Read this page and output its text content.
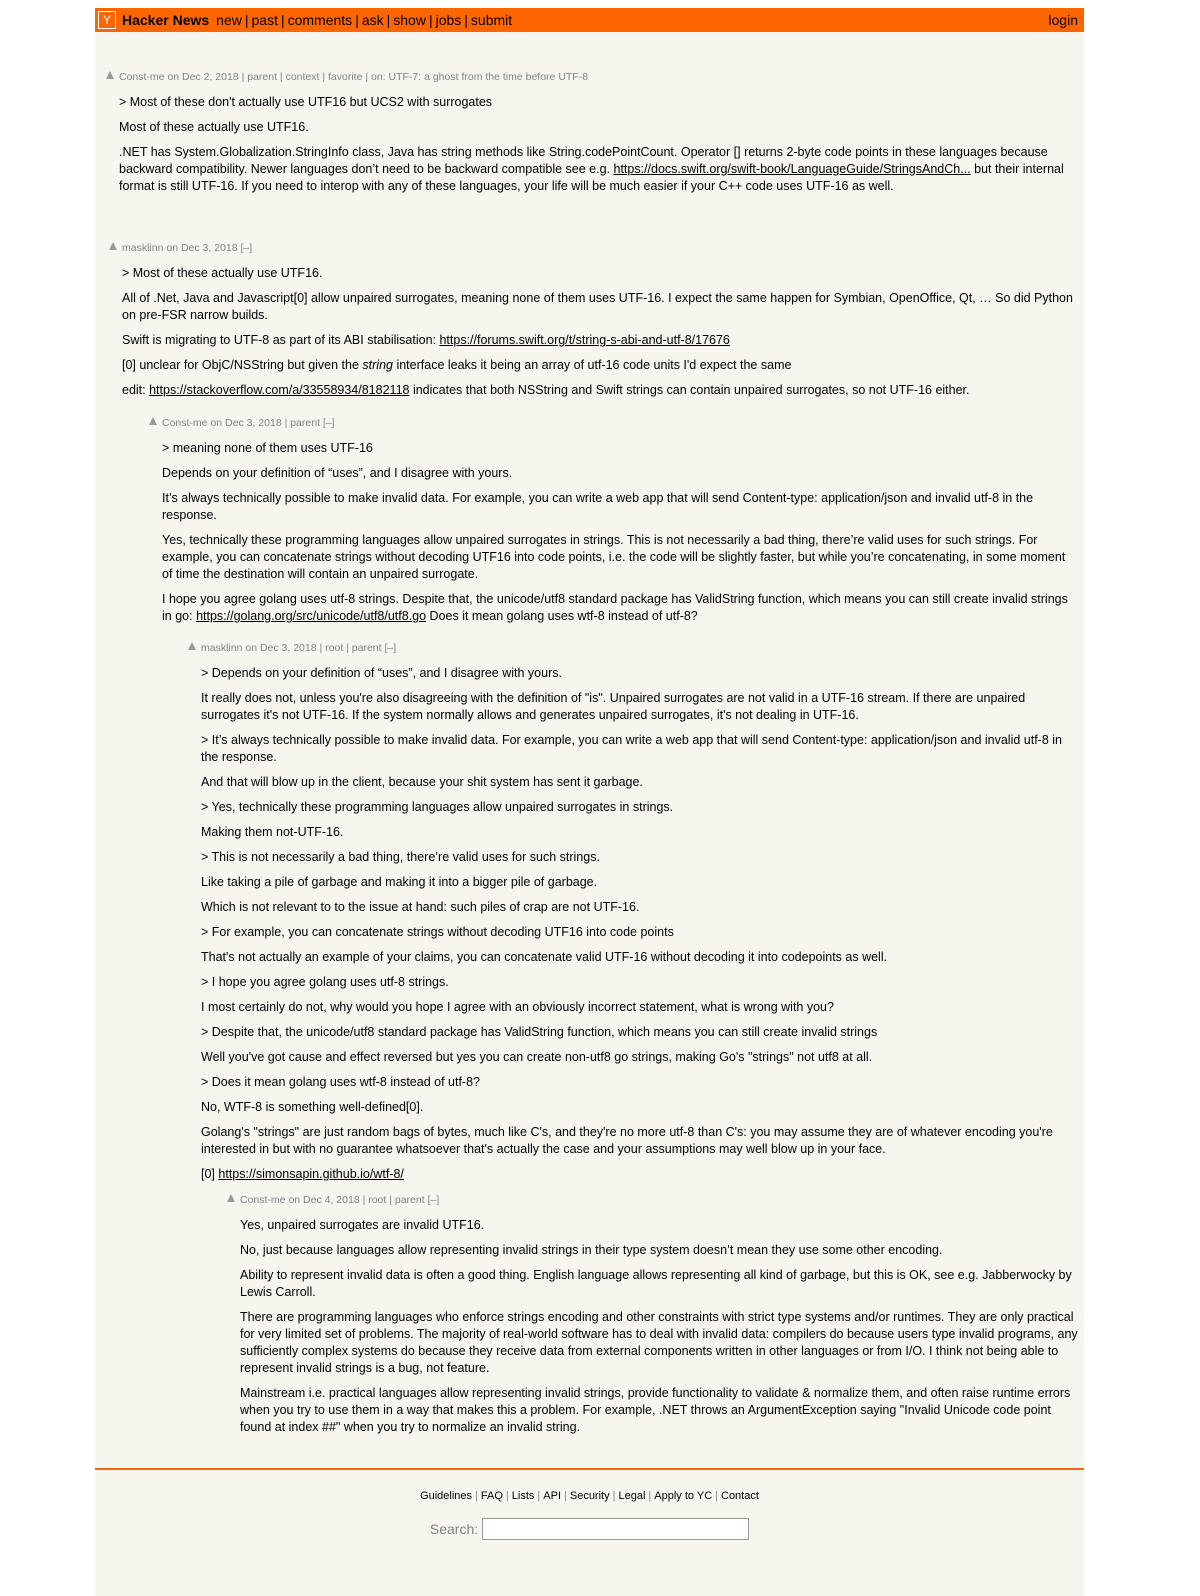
Y Hacker News new | past | comments | ask | show | jobs | submit	login
Const-me on Dec 2, 2018 | parent | context | favorite | on: UTF-7: a ghost from the time before UTF-8

> Most of these don't actually use UTF16 but UCS2 with surrogates

Most of these actually use UTF16.

.NET has System.Globalization.StringInfo class, Java has string methods like String.codePointCount. Operator [] returns 2-byte code points in these languages because backward compatibility. Newer languages don’t need to be backward compatible see e.g. https://docs.swift.org/swift-book/LanguageGuide/StringsAndCh... but their internal format is still UTF-16. If you need to interop with any of these languages, your life will be much easier if your C++ code uses UTF-16 as well.

masklinn on Dec 3, 2018 [–]

> Most of these actually use UTF16.

All of .Net, Java and Javascript[0] allow unpaired surrogates, meaning none of them uses UTF-16. I expect the same happen for Symbian, OpenOffice, Qt, … So did Python on pre-FSR narrow builds.

Swift is migrating to UTF-8 as part of its ABI stabilisation: https://forums.swift.org/t/string-s-abi-and-utf-8/17676

[0] unclear for ObjC/NSString but given the string interface leaks it being an array of utf-16 code units I'd expect the same

edit: https://stackoverflow.com/a/33558934/8182118 indicates that both NSString and Swift strings can contain unpaired surrogates, so not UTF-16 either.

Const-me on Dec 3, 2018 | parent [–]

> meaning none of them uses UTF-16

Depends on your definition of “uses”, and I disagree with yours.

It’s always technically possible to make invalid data. For example, you can write a web app that will send Content-type: application/json and invalid utf-8 in the response.

Yes, technically these programming languages allow unpaired surrogates in strings. This is not necessarily a bad thing, there’re valid uses for such strings. For example, you can concatenate strings without decoding UTF16 into code points, i.e. the code will be slightly faster, but while you’re concatenating, in some moment of time the destination will contain an unpaired surrogate.

I hope you agree golang uses utf-8 strings. Despite that, the unicode/utf8 standard package has ValidString function, which means you can still create invalid strings in go: https://golang.org/src/unicode/utf8/utf8.go Does it mean golang uses wtf-8 instead of utf-8?

masklinn on Dec 3, 2018 | root | parent [–]

> Depends on your definition of “uses”, and I disagree with yours.

It really does not, unless you're also disagreeing with the definition of "is". Unpaired surrogates are not valid in a UTF-16 stream. If there are unpaired surrogates it's not UTF-16. If the system normally allows and generates unpaired surrogates, it's not dealing in UTF-16.

> It’s always technically possible to make invalid data. For example, you can write a web app that will send Content-type: application/json and invalid utf-8 in the response.

And that will blow up in the client, because your shit system has sent it garbage.

> Yes, technically these programming languages allow unpaired surrogates in strings.

Making them not-UTF-16.

> This is not necessarily a bad thing, there’re valid uses for such strings.

Like taking a pile of garbage and making it into a bigger pile of garbage.

Which is not relevant to to the issue at hand: such piles of crap are not UTF-16.

> For example, you can concatenate strings without decoding UTF16 into code points

That's not actually an example of your claims, you can concatenate valid UTF-16 without decoding it into codepoints as well.

> I hope you agree golang uses utf-8 strings.

I most certainly do not, why would you hope I agree with an obviously incorrect statement, what is wrong with you?

> Despite that, the unicode/utf8 standard package has ValidString function, which means you can still create invalid strings

Well you've got cause and effect reversed but yes you can create non-utf8 go strings, making Go's "strings" not utf8 at all.

> Does it mean golang uses wtf-8 instead of utf-8?

No, WTF-8 is something well-defined[0].

Golang's "strings" are just random bags of bytes, much like C's, and they're no more utf-8 than C's: you may assume they are of whatever encoding you're interested in but with no guarantee whatsoever that's actually the case and your assumptions may well blow up in your face.

[0] https://simonsapin.github.io/wtf-8/

Const-me on Dec 4, 2018 | root | parent [–]

Yes, unpaired surrogates are invalid UTF16.

No, just because languages allow representing invalid strings in their type system doesn’t mean they use some other encoding.

Ability to represent invalid data is often a good thing. English language allows representing all kind of garbage, but this is OK, see e.g. Jabberwocky by Lewis Carroll.

There are programming languages who enforce strings encoding and other constraints with strict type systems and/or runtimes. They are only practical for very limited set of problems. The majority of real-world software has to deal with invalid data: compilers do because users type invalid programs, any sufficiently complex systems do because they receive data from external components written in other languages or from I/O. I think not being able to represent invalid strings is a bug, not feature.

Mainstream i.e. practical languages allow representing invalid strings, provide functionality to validate & normalize them, and often raise runtime errors when you try to use them in a way that makes this a problem. For example, .NET throws an ArgumentException saying "Invalid Unicode code point found at index ##" when you try to normalize an invalid string.

Guidelines | FAQ | Lists | API | Security | Legal | Apply to YC | Contact
Search:
